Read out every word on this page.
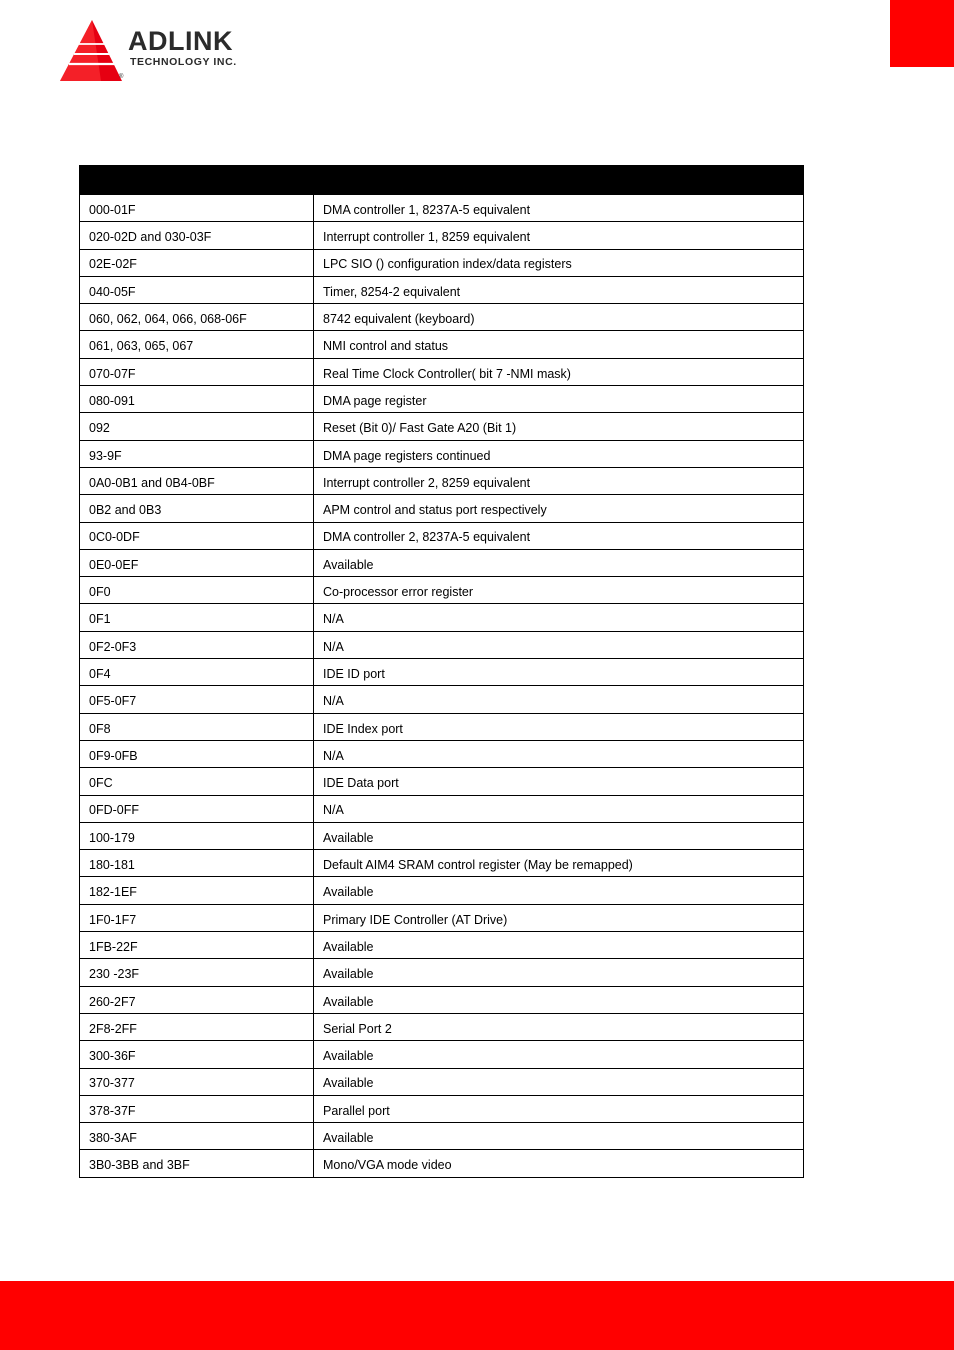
ADLINK
TECHNOLOGY INC.
®

000-01F	DMA controller 1, 8237A-5 equivalent
020-02D and 030-03F	Interrupt controller 1, 8259 equivalent
02E-02F	LPC SIO () configuration index/data registers
040-05F	Timer, 8254-2 equivalent
060, 062, 064, 066, 068-06F	8742 equivalent (keyboard)
061, 063, 065, 067	NMI control and status
070-07F	Real Time Clock Controller( bit 7 -NMI mask)
080-091	DMA page register
092	Reset (Bit 0)/ Fast Gate A20 (Bit 1)
93-9F	DMA page registers continued
0A0-0B1 and 0B4-0BF	Interrupt controller 2, 8259 equivalent
0B2 and 0B3	APM control and status port respectively
0C0-0DF	DMA controller 2, 8237A-5 equivalent
0E0-0EF	Available
0F0	Co-processor error register
0F1	N/A
0F2-0F3	N/A
0F4	IDE ID port
0F5-0F7	N/A
0F8	IDE Index port
0F9-0FB	N/A
0FC	IDE Data port
0FD-0FF	N/A
100-179	Available
180-181	Default AIM4 SRAM control register (May be remapped)
182-1EF	Available
1F0-1F7	Primary IDE Controller (AT Drive)
1FB-22F	Available
230 -23F	Available
260-2F7	Available
2F8-2FF	Serial Port 2
300-36F	Available
370-377	Available
378-37F	Parallel port
380-3AF	Available
3B0-3BB and 3BF	Mono/VGA mode video
